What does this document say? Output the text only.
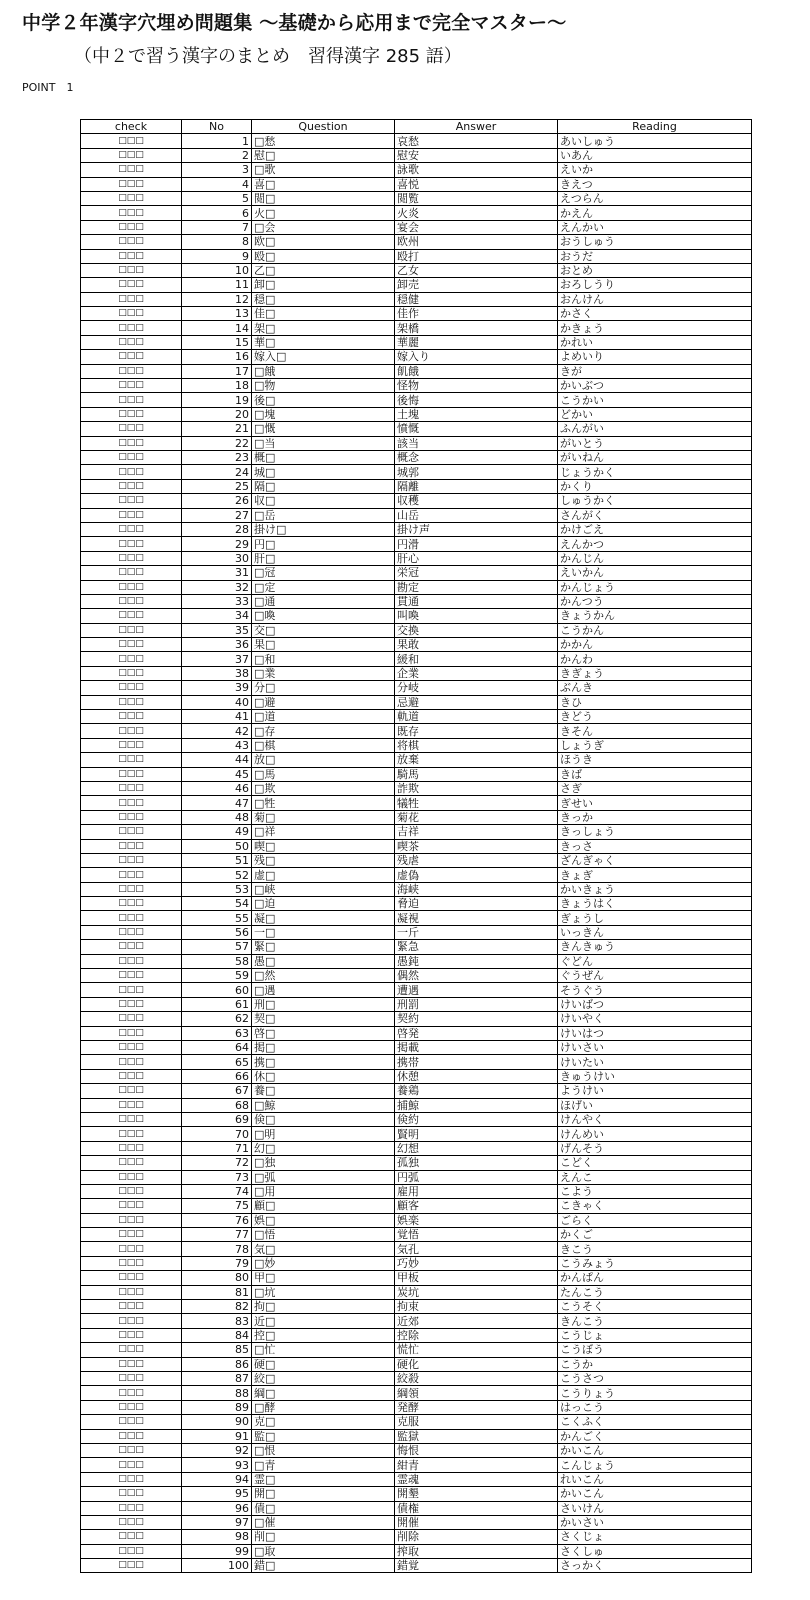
中学２年漢字穴埋め問題集 〜基礎から応用まで完全マスター〜
（中２で習う漢字のまとめ　習得漢字 285 語）
POINT　1
check	No	Question	Answer	Reading
□□□	1	□愁	哀愁	あいしゅう
□□□	2	慰□	慰安	いあん
□□□	3	□歌	詠歌	えいか
□□□	4	喜□	喜悦	きえつ
□□□	5	閲□	閲覧	えつらん
□□□	6	火□	火炎	かえん
□□□	7	□会	宴会	えんかい
□□□	8	欧□	欧州	おうしゅう
□□□	9	殴□	殴打	おうだ
□□□	10	乙□	乙女	おとめ
□□□	11	卸□	卸売	おろしうり
□□□	12	穏□	穏健	おんけん
□□□	13	佳□	佳作	かさく
□□□	14	架□	架橋	かきょう
□□□	15	華□	華麗	かれい
□□□	16	嫁入□	嫁入り	よめいり
□□□	17	□餓	飢餓	きが
□□□	18	□物	怪物	かいぶつ
□□□	19	後□	後悔	こうかい
□□□	20	□塊	土塊	どかい
□□□	21	□慨	憤慨	ふんがい
□□□	22	□当	該当	がいとう
□□□	23	概□	概念	がいねん
□□□	24	城□	城郭	じょうかく
□□□	25	隔□	隔離	かくり
□□□	26	収□	収穫	しゅうかく
□□□	27	□岳	山岳	さんがく
□□□	28	掛け□	掛け声	かけごえ
□□□	29	円□	円滑	えんかつ
□□□	30	肝□	肝心	かんじん
□□□	31	□冠	栄冠	えいかん
□□□	32	□定	勘定	かんじょう
□□□	33	□通	貫通	かんつう
□□□	34	□喚	叫喚	きょうかん
□□□	35	交□	交換	こうかん
□□□	36	果□	果敢	かかん
□□□	37	□和	緩和	かんわ
□□□	38	□業	企業	きぎょう
□□□	39	分□	分岐	ぶんき
□□□	40	□避	忌避	きひ
□□□	41	□道	軌道	きどう
□□□	42	□存	既存	きそん
□□□	43	□棋	将棋	しょうぎ
□□□	44	放□	放棄	ほうき
□□□	45	□馬	騎馬	きば
□□□	46	□欺	詐欺	さぎ
□□□	47	□牲	犠牲	ぎせい
□□□	48	菊□	菊花	きっか
□□□	49	□祥	吉祥	きっしょう
□□□	50	喫□	喫茶	きっさ
□□□	51	残□	残虐	ざんぎゃく
□□□	52	虚□	虚偽	きょぎ
□□□	53	□峡	海峡	かいきょう
□□□	54	□迫	脅迫	きょうはく
□□□	55	凝□	凝視	ぎょうし
□□□	56	一□	一斤	いっきん
□□□	57	緊□	緊急	きんきゅう
□□□	58	愚□	愚鈍	ぐどん
□□□	59	□然	偶然	ぐうぜん
□□□	60	□遇	遭遇	そうぐう
□□□	61	刑□	刑罰	けいばつ
□□□	62	契□	契約	けいやく
□□□	63	啓□	啓発	けいはつ
□□□	64	掲□	掲載	けいさい
□□□	65	携□	携帯	けいたい
□□□	66	休□	休憩	きゅうけい
□□□	67	養□	養鶏	ようけい
□□□	68	□鯨	捕鯨	ほげい
□□□	69	倹□	倹約	けんやく
□□□	70	□明	賢明	けんめい
□□□	71	幻□	幻想	げんそう
□□□	72	□独	孤独	こどく
□□□	73	□弧	円弧	えんこ
□□□	74	□用	雇用	こよう
□□□	75	顧□	顧客	こきゃく
□□□	76	娯□	娯楽	ごらく
□□□	77	□悟	覚悟	かくご
□□□	78	気□	気孔	きこう
□□□	79	□妙	巧妙	こうみょう
□□□	80	甲□	甲板	かんぱん
□□□	81	□坑	炭坑	たんこう
□□□	82	拘□	拘束	こうそく
□□□	83	近□	近郊	きんこう
□□□	84	控□	控除	こうじょ
□□□	85	□忙	慌忙	こうぼう
□□□	86	硬□	硬化	こうか
□□□	87	絞□	絞殺	こうさつ
□□□	88	綱□	綱領	こうりょう
□□□	89	□酵	発酵	はっこう
□□□	90	克□	克服	こくふく
□□□	91	監□	監獄	かんごく
□□□	92	□恨	悔恨	かいこん
□□□	93	□青	紺青	こんじょう
□□□	94	霊□	霊魂	れいこん
□□□	95	開□	開墾	かいこん
□□□	96	債□	債権	さいけん
□□□	97	□催	開催	かいさい
□□□	98	削□	削除	さくじょ
□□□	99	□取	搾取	さくしゅ
□□□	100	錯□	錯覚	さっかく
